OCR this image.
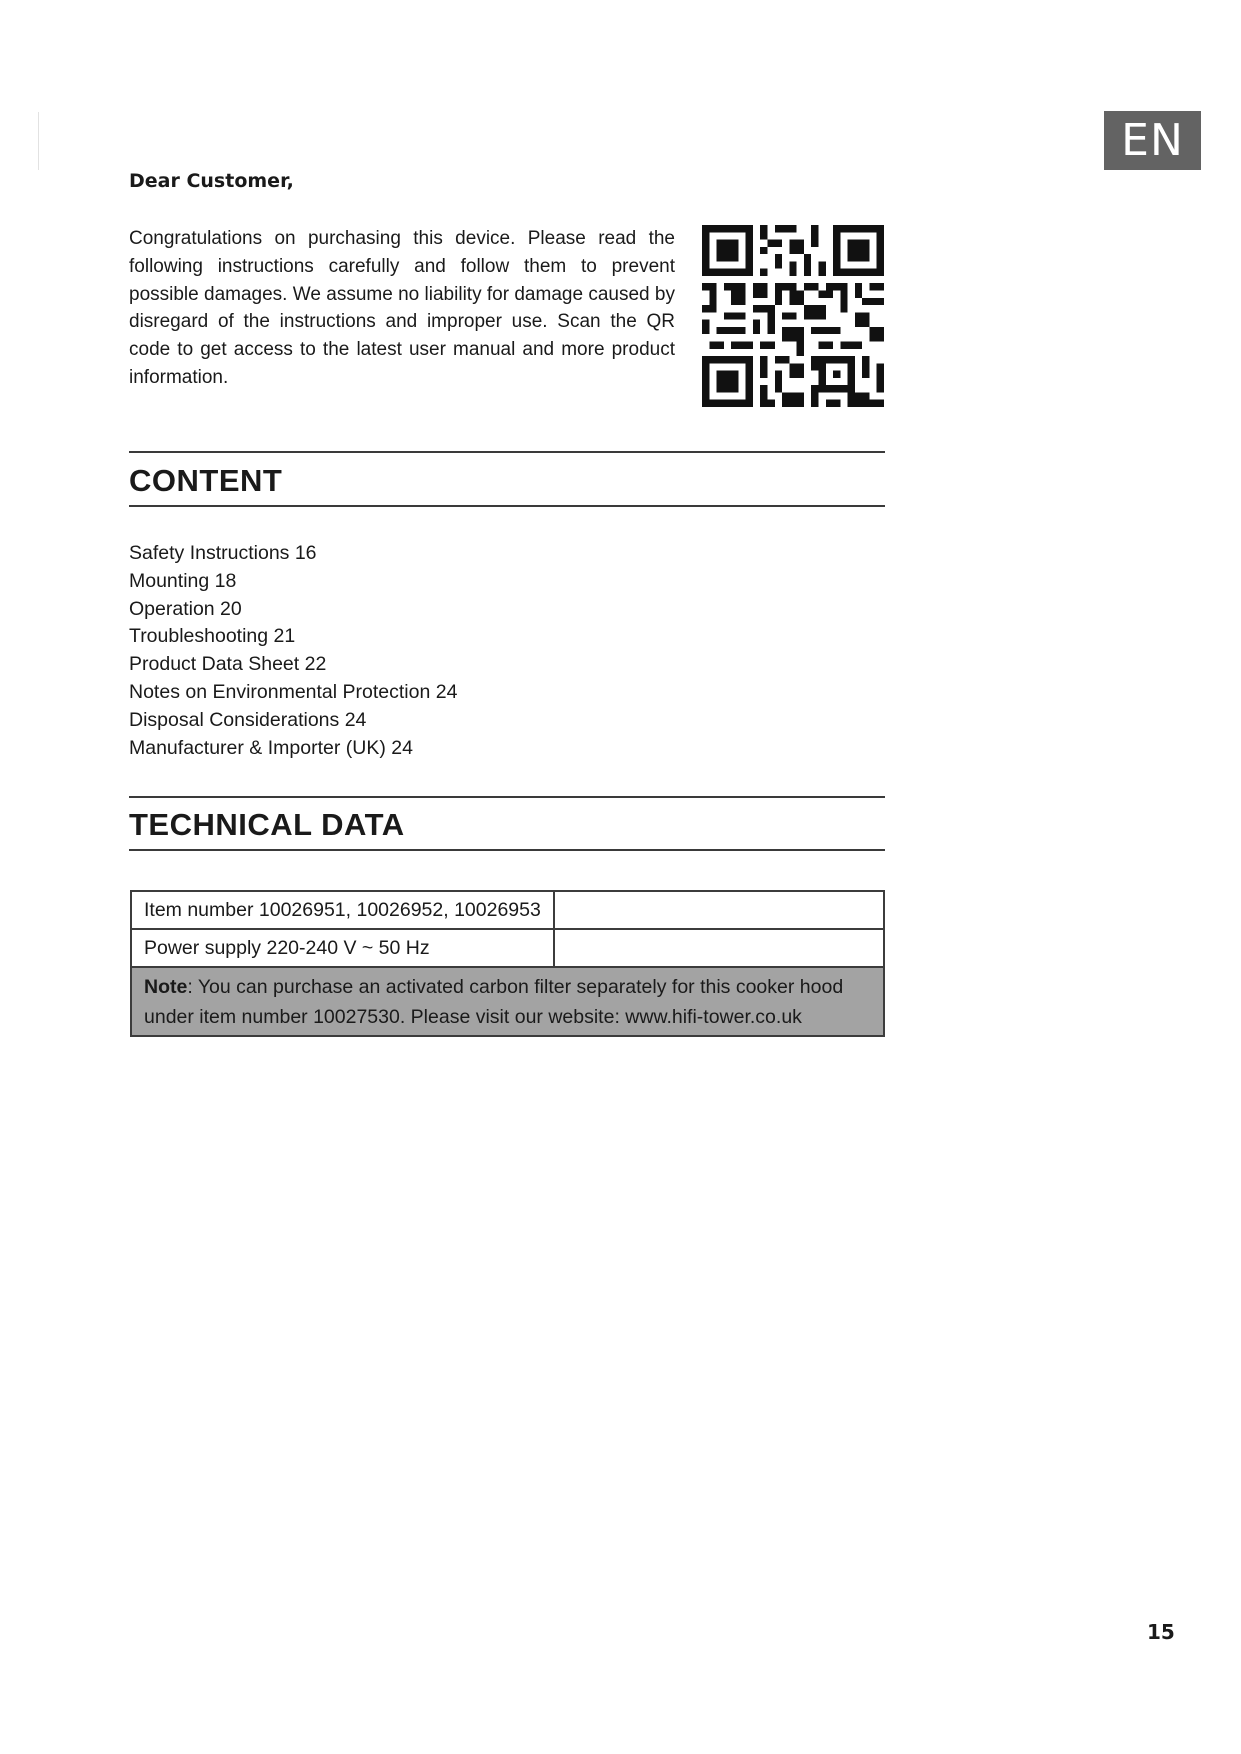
EN
Dear Customer,
Congratulations on purchasing this device. Please read the following instructions carefully and follow them to prevent possible damages. We assume no liability for damage caused by disregard of the instructions and improper use. Scan the QR code to get access to the latest user manual and more product information.
CONTENT
Safety Instructions 16
Mounting 18
Operation 20
Troubleshooting 21
Product Data Sheet 22
Notes on Environmental Protection 24
Disposal Considerations 24
Manufacturer & Importer (UK) 24
TECHNICAL DATA
Item number 10026951, 10026952, 10026953	
Power supply 220-240 V ~ 50 Hz	
Note: You can purchase an activated carbon filter separately for this cooker hood under item number 10027530. Please visit our website: www.hifi-tower.co.uk	
15
